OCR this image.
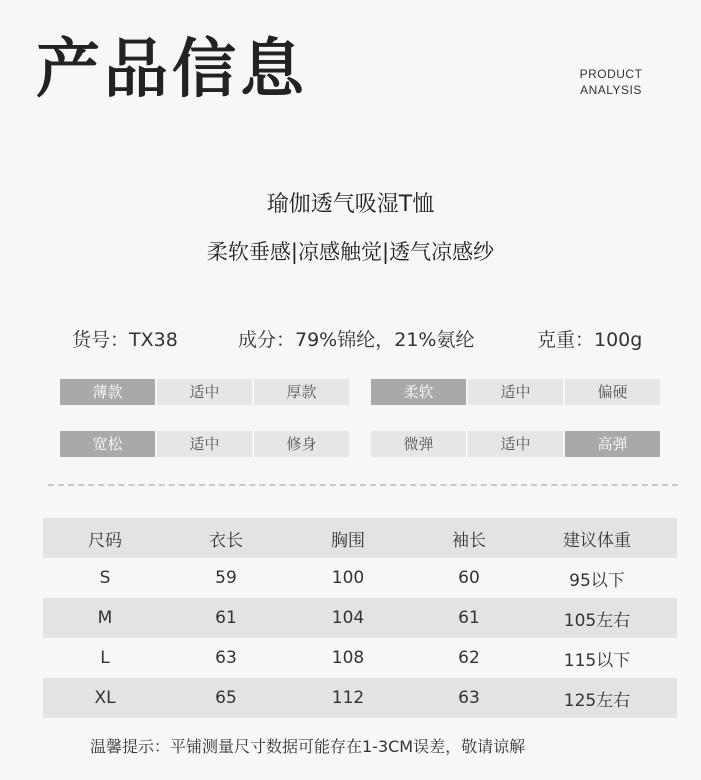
产品信息	PRODUCT
ANALYSIS
瑜伽透气吸湿T恤
柔软垂感|凉感触觉|透气凉感纱
货号：TX38	成分：79%锦纶，21%氨纶	克重：100g
薄款	适中	厚款	柔软	适中	偏硬
宽松	适中	修身	微弹	适中	高弹
尺码	衣长	胸围	袖长	建议体重
S	59	100	60	95以下
M	61	104	61	105左右
L	63	108	62	115以下
XL	65	112	63	125左右
温馨提示：平铺测量尺寸数据可能存在1-3CM误差，敬请谅解
